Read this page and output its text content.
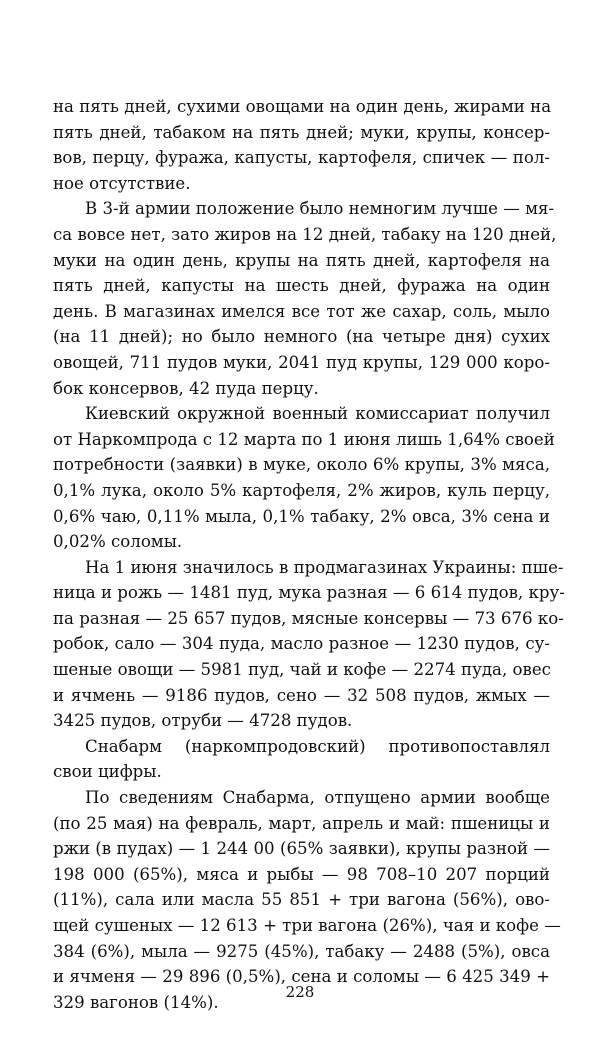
на пять дней, сухими овощами на один день, жирами на
пять дней, табаком на пять дней; муки, крупы, консер-
вов, перцу, фуража, капусты, картофеля, спичек — пол-
ное отсутствие.
В 3-й армии положение было немногим лучше — мя-
са вовсе нет, зато жиров на 12 дней, табаку на 120 дней,
муки на один день, крупы на пять дней, картофеля на
пять дней, капусты на шесть дней, фуража на один
день. В магазинах имелся все тот же сахар, соль, мыло
(на 11 дней); но было немного (на четыре дня) сухих
овощей, 711 пудов муки, 2041 пуд крупы, 129 000 коро-
бок консервов, 42 пуда перцу.
Киевский окружной военный комиссариат получил
от Наркомпрода с 12 марта по 1 июня лишь 1,64% своей
потребности (заявки) в муке, около 6% крупы, 3% мяса,
0,1% лука, около 5% картофеля, 2% жиров, куль перцу,
0,6% чаю, 0,11% мыла, 0,1% табаку, 2% овса, 3% сена и
0,02% соломы.
На 1 июня значилось в продмагазинах Украины: пше-
ница и рожь — 1481 пуд, мука разная — 6 614 пудов, кру-
па разная — 25 657 пудов, мясные консервы — 73 676 ко-
робок, сало — 304 пуда, масло разное — 1230 пудов, су-
шеные овощи — 5981 пуд, чай и кофе — 2274 пуда, овес
и ячмень — 9186 пудов, сено — 32 508 пудов, жмых —
3425 пудов, отруби — 4728 пудов.
Снабарм (наркомпродовский) противопоставлял
свои цифры.
По сведениям Снабарма, отпущено армии вообще
(по 25 мая) на февраль, март, апрель и май: пшеницы и
ржи (в пудах) — 1 244 00 (65% заявки), крупы разной —
198 000 (65%), мяса и рыбы — 98 708–10 207 порций
(11%), сала или масла 55 851 + три вагона (56%), ово-
щей сушеных — 12 613 + три вагона (26%), чая и кофе —
384 (6%), мыла — 9275 (45%), табаку — 2488 (5%), овса
и ячменя — 29 896 (0,5%), сена и соломы — 6 425 349 +
329 вагонов (14%).
228
